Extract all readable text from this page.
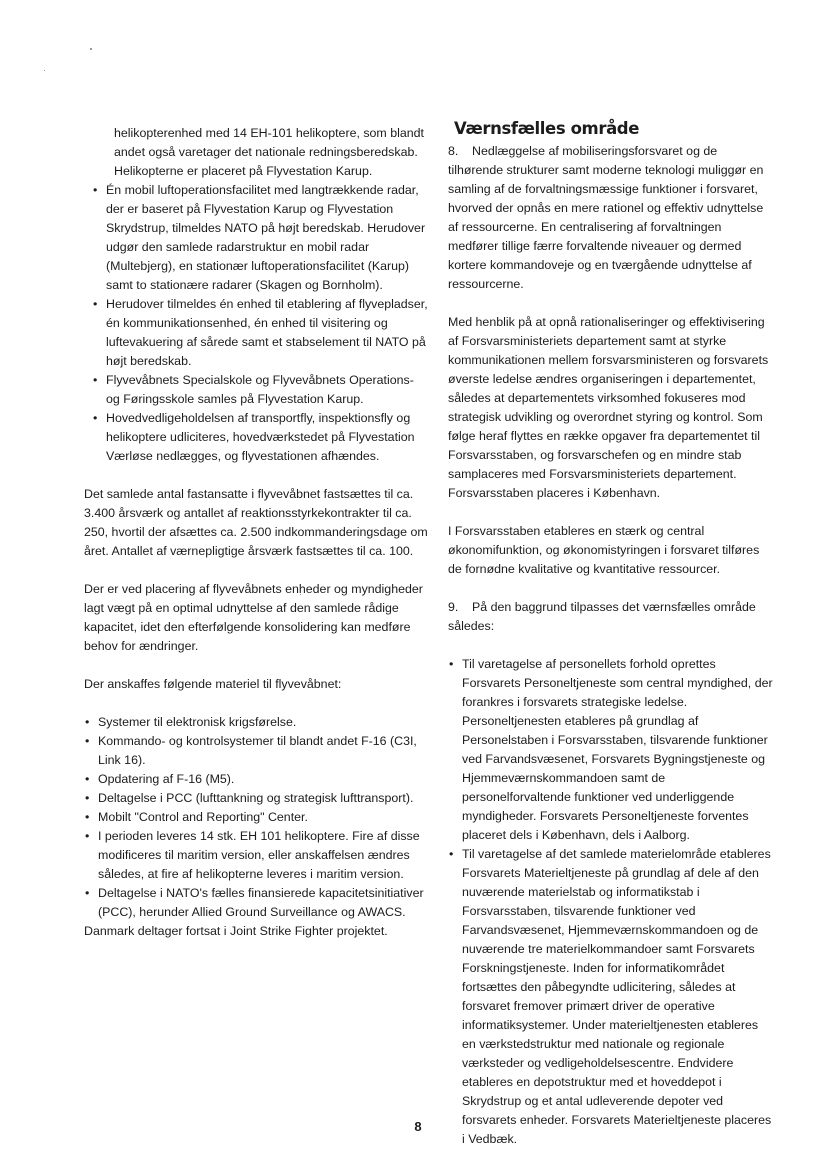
helikopterenhed med 14 EH-101 helikoptere, som blandt

andet også varetager det nationale redningsberedskab.

Helikopterne er placeret på Flyvestation Karup.

• Én mobil luftoperationsfacilitet med langtrækkende radar, der er baseret på Flyvestation Karup og Flyvestation Skrydstrup, tilmeldes NATO på højt beredskab. Herudover udgør den samlede radarstruktur en mobil radar (Multebjerg), en stationær luftoperationsfacilitet (Karup) samt to stationære radarer (Skagen og Bornholm).
• Herudover tilmeldes én enhed til etablering af flyvepladser, én kommunikationsenhed, én enhed til visitering og luftevakuering af sårede samt et stabselement til NATO på højt beredskab.
• Flyvevåbnets Specialskole og Flyvevåbnets Operations- og Føringsskole samles på Flyvestation Karup.
• Hovedvedligeholdelsen af transportfly, inspektionsfly og helikoptere udliciteres, hovedværkstedet på Flyvestation Værløse nedlægges, og flyvestationen afhændes.

Det samlede antal fastansatte i flyvevåbnet fastsættes til ca. 3.400 årsværk og antallet af reaktionsstyrkekontrakter til ca. 250, hvortil der afsættes ca. 2.500 indkommanderingsdage om året. Antallet af værnepligtige årsværk fastsættes til ca. 100.

Der er ved placering af flyvevåbnets enheder og myndigheder lagt vægt på en optimal udnyttelse af den samlede rådige kapacitet, idet den efterfølgende konsolidering kan medføre behov for ændringer.

Der anskaffes følgende materiel til flyvevåbnet:

• Systemer til elektronisk krigsførelse.
• Kommando- og kontrolsystemer til blandt andet F-16 (C3I, Link 16).
• Opdatering af F-16 (M5).
• Deltagelse i PCC (lufttankning og strategisk lufttransport).
• Mobilt "Control and Reporting" Center.
• I perioden leveres 14 stk. EH 101 helikoptere. Fire af disse modificeres til maritim version, eller anskaffelsen ændres således, at fire af helikopterne leveres i maritim version.
• Deltagelse i NATO's fælles finansierede kapacitetsinitiativer (PCC), herunder Allied Ground Surveillance og AWACS.

Danmark deltager fortsat i Joint Strike Fighter projektet.

Værnsfælles område

8. Nedlæggelse af mobiliseringsforsvaret og de tilhørende strukturer samt moderne teknologi muliggør en samling af de forvaltningsmæssige funktioner i forsvaret, hvorved der opnås en mere rationel og effektiv udnyttelse af ressourcerne. En centralisering af forvaltningen medfører tillige færre forvaltende niveauer og dermed kortere kommandoveje og en tværgående udnyttelse af ressourcerne.

Med henblik på at opnå rationaliseringer og effektivisering af Forsvarsministeriets departement samt at styrke kommunikationen mellem forsvarsministeren og forsvarets øverste ledelse ændres organiseringen i departementet, således at departementets virksomhed fokuseres mod strategisk udvikling og overordnet styring og kontrol. Som følge heraf flyttes en række opgaver fra departementet til Forsvarsstaben, og forsvarschefen og en mindre stab samplaceres med Forsvarsministeriets departement. Forsvarsstaben placeres i København.

I Forsvarsstaben etableres en stærk og central økonomifunktion, og økonomistyringen i forsvaret tilføres de fornødne kvalitative og kvantitative ressourcer.

9. På den baggrund tilpasses det værnsfælles område således:

• Til varetagelse af personellets forhold oprettes Forsvarets Personeltjeneste som central myndighed, der forankres i forsvarets strategiske ledelse. Personeltjenesten etableres på grundlag af Personelstaben i Forsvarsstaben, tilsvarende funktioner ved Farvandsvæsenet, Forsvarets Bygningstjeneste og Hjemmeværnskommandoen samt de personelforvaltende funktioner ved underliggende myndigheder. Forsvarets Personeltjeneste forventes placeret dels i København, dels i Aalborg.
• Til varetagelse af det samlede materielområde etableres Forsvarets Materieltjeneste på grundlag af dele af den nuværende materielstab og informatikstab i Forsvarsstaben, tilsvarende funktioner ved Farvandsvæsenet, Hjemmeværnskommandoen og de nuværende tre materielkommandoer samt Forsvarets Forskningstjeneste. Inden for informatikområdet fortsættes den påbegyndte udlicitering, således at forsvaret fremover primært driver de operative informatiksystemer. Under materieltjenesten etableres en værkstedstruktur med nationale og regionale værksteder og vedligeholdelsescentre. Endvidere etableres en depotstruktur med et hoveddepot i Skrydstrup og et antal udleverende depoter ved forsvarets enheder. Forsvarets Materieltjeneste placeres i Vedbæk.
8
